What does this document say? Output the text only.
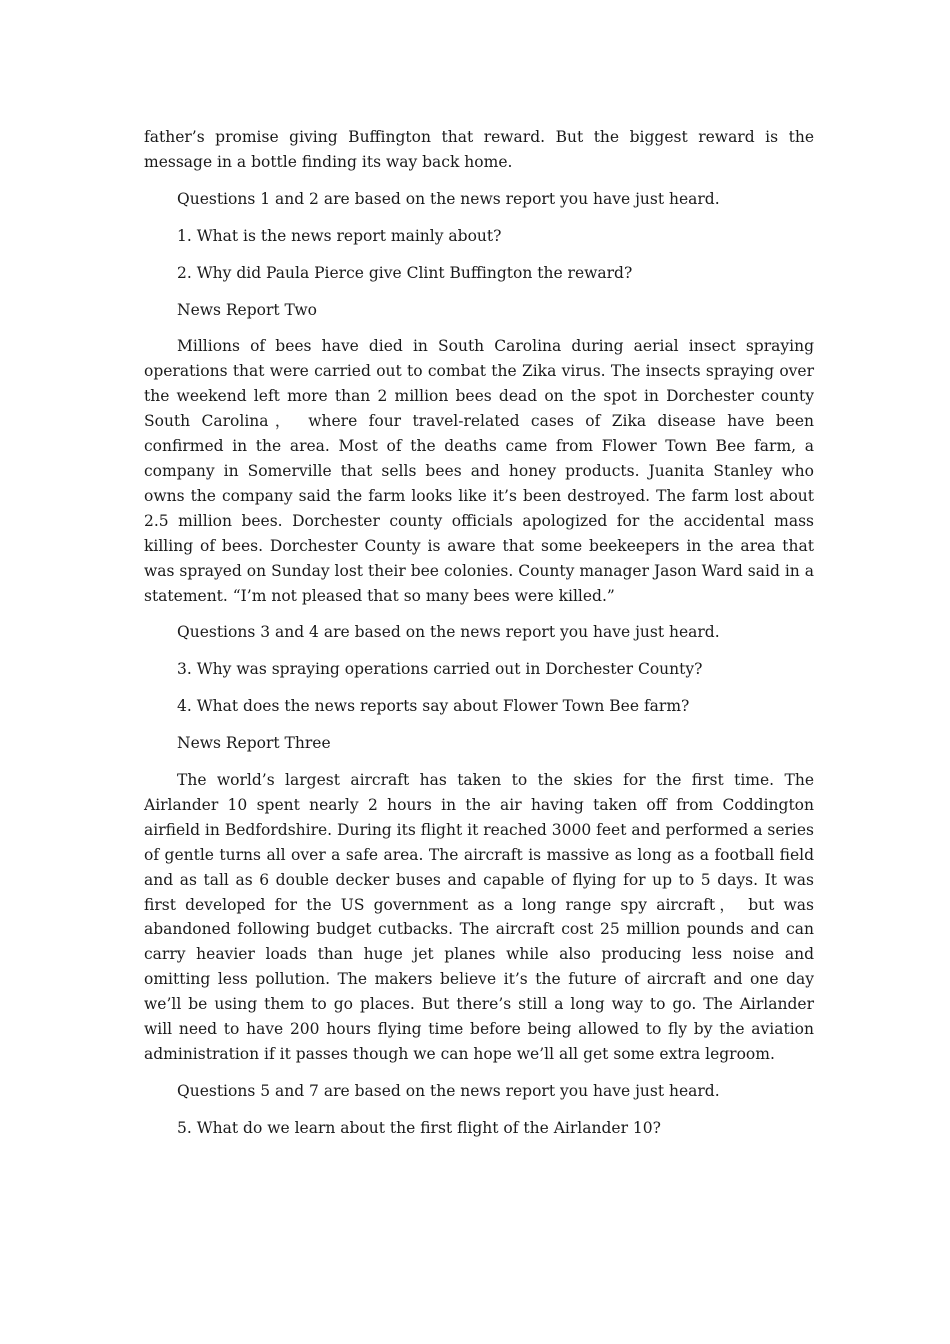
father’s promise giving Buffington that reward. But the biggest reward is the message in a bottle finding its way back home.

Questions 1 and 2 are based on the news report you have just heard.

1. What is the news report mainly about?

2. Why did Paula Pierce give Clint Buffington the reward?

News Report Two

Millions of bees have died in South Carolina during aerial insect spraying operations that were carried out to combat the Zika virus. The insects spraying over the weekend left more than 2 million bees dead on the spot in Dorchester county South Carolina， where four travel-related cases of Zika disease have been confirmed in the area. Most of the deaths came from Flower Town Bee farm, a company in Somerville that sells bees and honey products. Juanita Stanley who owns the company said the farm looks like it’s been destroyed. The farm lost about 2.5 million bees. Dorchester county officials apologized for the accidental mass killing of bees. Dorchester County is aware that some beekeepers in the area that was sprayed on Sunday lost their bee colonies. County manager Jason Ward said in a statement. “I’m not pleased that so many bees were killed.”

Questions 3 and 4 are based on the news report you have just heard.

3. Why was spraying operations carried out in Dorchester County?

4. What does the news reports say about Flower Town Bee farm?

News Report Three

The world’s largest aircraft has taken to the skies for the first time. The Airlander 10 spent nearly 2 hours in the air having taken off from Coddington airfield in Bedfordshire. During its flight it reached 3000 feet and performed a series of gentle turns all over a safe area. The aircraft is massive as long as a football field and as tall as 6 double decker buses and capable of flying for up to 5 days. It was first developed for the US government as a long range spy aircraft， but was abandoned following budget cutbacks. The aircraft cost 25 million pounds and can carry heavier loads than huge jet planes while also producing less noise and omitting less pollution. The makers believe it’s the future of aircraft and one day we’ll be using them to go places. But there’s still a long way to go. The Airlander will need to have 200 hours flying time before being allowed to fly by the aviation administration if it passes though we can hope we’ll all get some extra legroom.

Questions 5 and 7 are based on the news report you have just heard.

5. What do we learn about the first flight of the Airlander 10?
